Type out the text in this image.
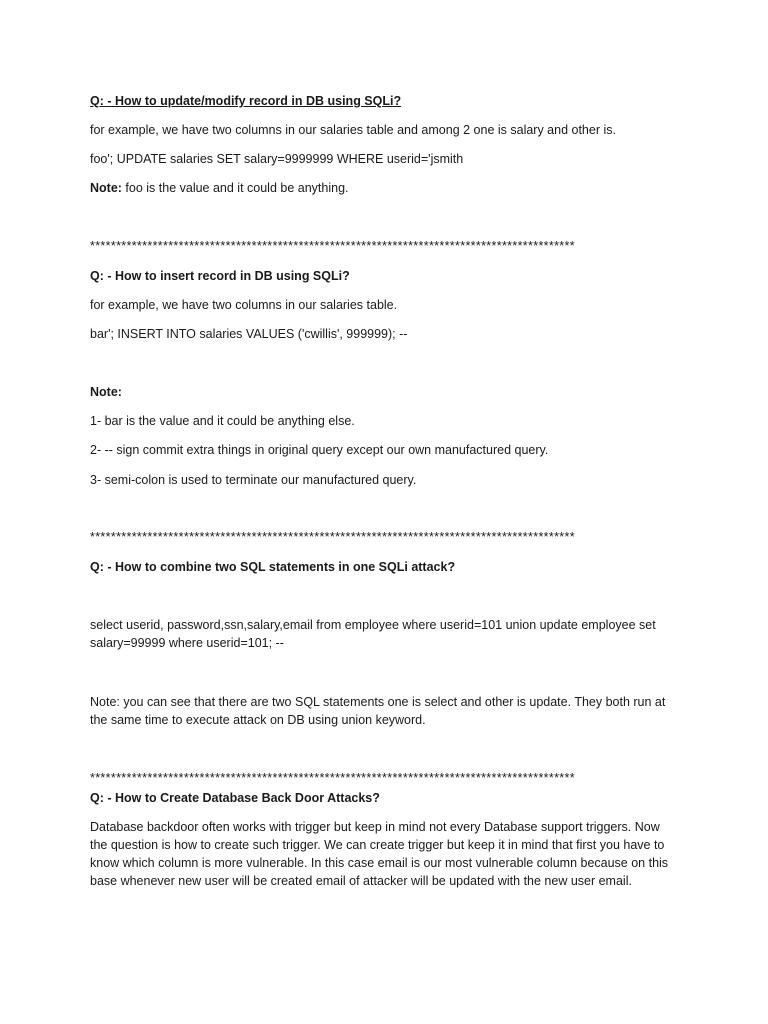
Q: - How to update/modify record in DB using SQLi?

for example, we have two columns in our salaries table and among 2 one is salary and other is.

foo'; UPDATE salaries SET salary=9999999 WHERE userid='jsmith

Note: foo is the value and it could be anything.

*********************************************************************************************

Q: - How to insert record in DB using SQLi?

for example, we have two columns in our salaries table.

bar'; INSERT INTO salaries VALUES ('cwillis', 999999); --

Note:

1- bar is the value and it could be anything else.

2- -- sign commit extra things in original query except our own manufactured query.

3- semi-colon is used to terminate our manufactured query.

*********************************************************************************************

Q: - How to combine two SQL statements in one SQLi attack?

select userid, password,ssn,salary,email from employee where userid=101 union update employee set salary=99999 where userid=101; --

Note: you can see that there are two SQL statements one is select and other is update. They both run at the same time to execute attack on DB using union keyword.

*********************************************************************************************

Q: - How to Create Database Back Door Attacks?

Database backdoor often works with trigger but keep in mind not every Database support triggers. Now the question is how to create such trigger. We can create trigger but keep it in mind that first you have to know which column is more vulnerable. In this case email is our most vulnerable column because on this base whenever new user will be created email of attacker will be updated with the new user email.
